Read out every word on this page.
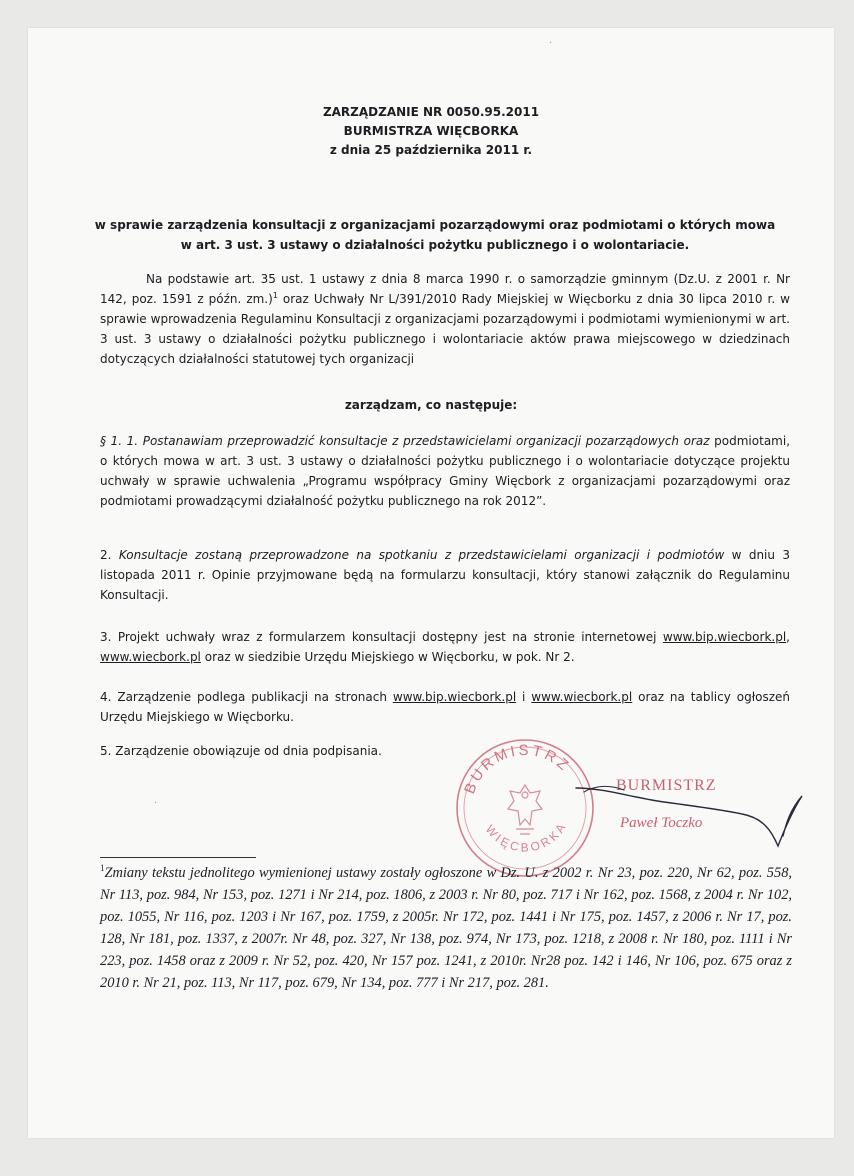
·
·
ZARZĄDZANIE NR 0050.95.2011
BURMISTRZA WIĘCBORKA
z dnia 25 października 2011 r.
w sprawie zarządzenia konsultacji z organizacjami pozarządowymi oraz podmiotami o których mowa
w art. 3 ust. 3 ustawy o działalności pożytku publicznego i o wolontariacie.
Na podstawie art. 35 ust. 1 ustawy z dnia 8 marca 1990 r. o samorządzie gminnym (Dz.U. z 2001 r. Nr 142, poz. 1591 z późn. zm.)$^1$ oraz Uchwały Nr L/391/2010 Rady Miejskiej w Więcborku z dnia 30 lipca 2010 r. w sprawie wprowadzenia Regulaminu Konsultacji z organizacjami pozarządowymi i podmiotami wymienionymi w art. 3 ust. 3 ustawy o działalności pożytku publicznego i wolontariacie aktów prawa miejscowego w dziedzinach dotyczących działalności statutowej tych organizacji
zarządzam, co następuje:
§ 1. 1. Postanawiam przeprowadzić konsultacje z przedstawicielami organizacji pozarządowych oraz podmiotami, o których mowa w art. 3 ust. 3 ustawy o działalności pożytku publicznego i o wolontariacie dotyczące projektu uchwały w sprawie uchwalenia „Programu współpracy Gminy Więcbork z organizacjami pozarządowymi oraz podmiotami prowadzącymi działalność pożytku publicznego na rok 2012”.
2. Konsultacje zostaną przeprowadzone na spotkaniu z przedstawicielami organizacji i podmiotów w dniu 3 listopada 2011 r. Opinie przyjmowane będą na formularzu konsultacji, który stanowi załącznik do Regulaminu Konsultacji.
3. Projekt uchwały wraz z formularzem konsultacji dostępny jest na stronie internetowej www.bip.wiecbork.pl, www.wiecbork.pl oraz w siedzibie Urzędu Miejskiego w Więcborku, w pok. Nr 2.
4. Zarządzenie podlega publikacji na stronach www.bip.wiecbork.pl i www.wiecbork.pl oraz na tablicy ogłoszeń Urzędu Miejskiego w Więcborku.
5. Zarządzenie obowiązuje od dnia podpisania.
BURMISTRZ
WIĘCBORKA
BURMISTRZ
Paweł Toczko
$^1$Zmiany tekstu jednolitego wymienionej ustawy zostały ogłoszone w Dz. U. z 2002 r. Nr 23, poz. 220, Nr 62, poz. 558, Nr 113, poz. 984, Nr 153, poz. 1271 i Nr 214, poz. 1806, z 2003 r. Nr 80, poz. 717 i Nr 162, poz. 1568, z 2004 r. Nr 102, poz. 1055, Nr 116, poz. 1203 i Nr 167, poz. 1759, z 2005r. Nr 172, poz. 1441 i Nr 175, poz. 1457, z 2006 r. Nr 17, poz. 128, Nr 181, poz. 1337, z 2007r. Nr 48, poz. 327, Nr 138, poz. 974, Nr 173, poz. 1218, z 2008 r. Nr 180, poz. 1111 i Nr 223, poz. 1458 oraz z 2009 r. Nr 52, poz. 420, Nr 157 poz. 1241, z 2010r. Nr28 poz. 142 i 146, Nr 106, poz. 675 oraz z 2010 r. Nr 21, poz. 113, Nr 117, poz. 679, Nr 134, poz. 777 i Nr 217, poz. 281.
